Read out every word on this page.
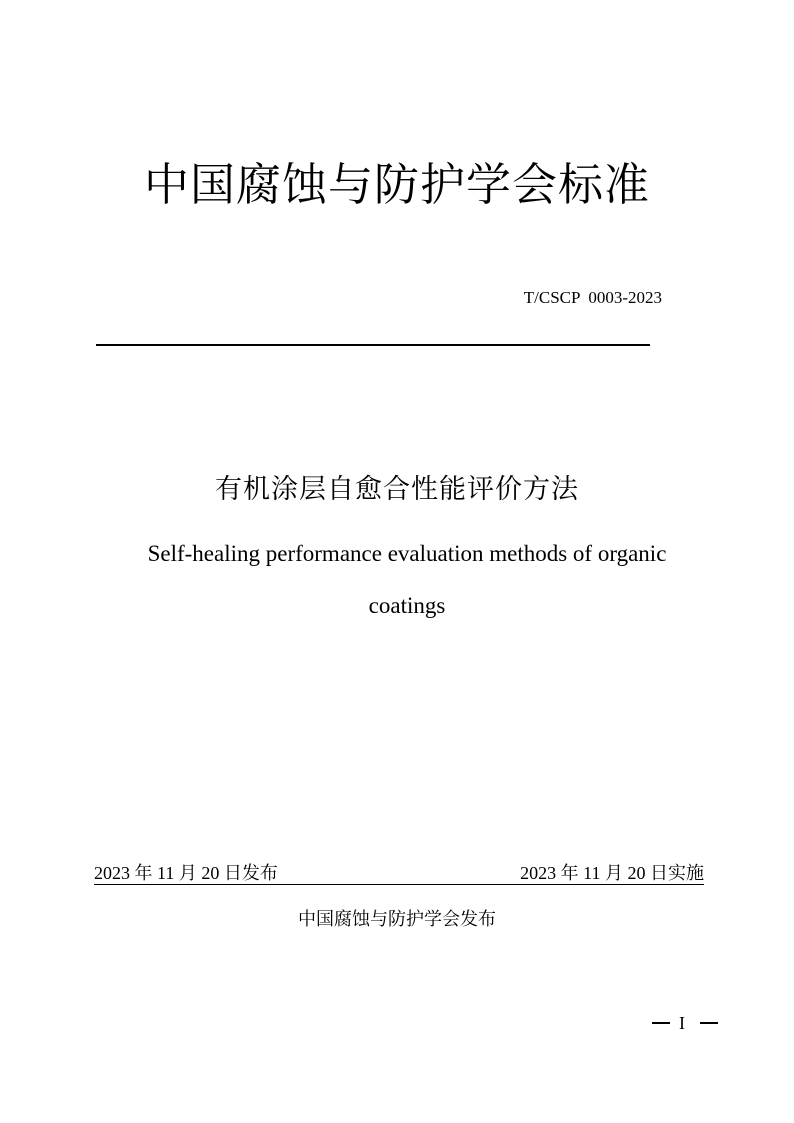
中国腐蚀与防护学会标准
T/CSCP  0003-2023
有机涂层自愈合性能评价方法
Self-healing performance evaluation methods of organic coatings
2023 年 11 月 20 日发布	2023 年 11 月 20 日实施
中国腐蚀与防护学会发布
I
